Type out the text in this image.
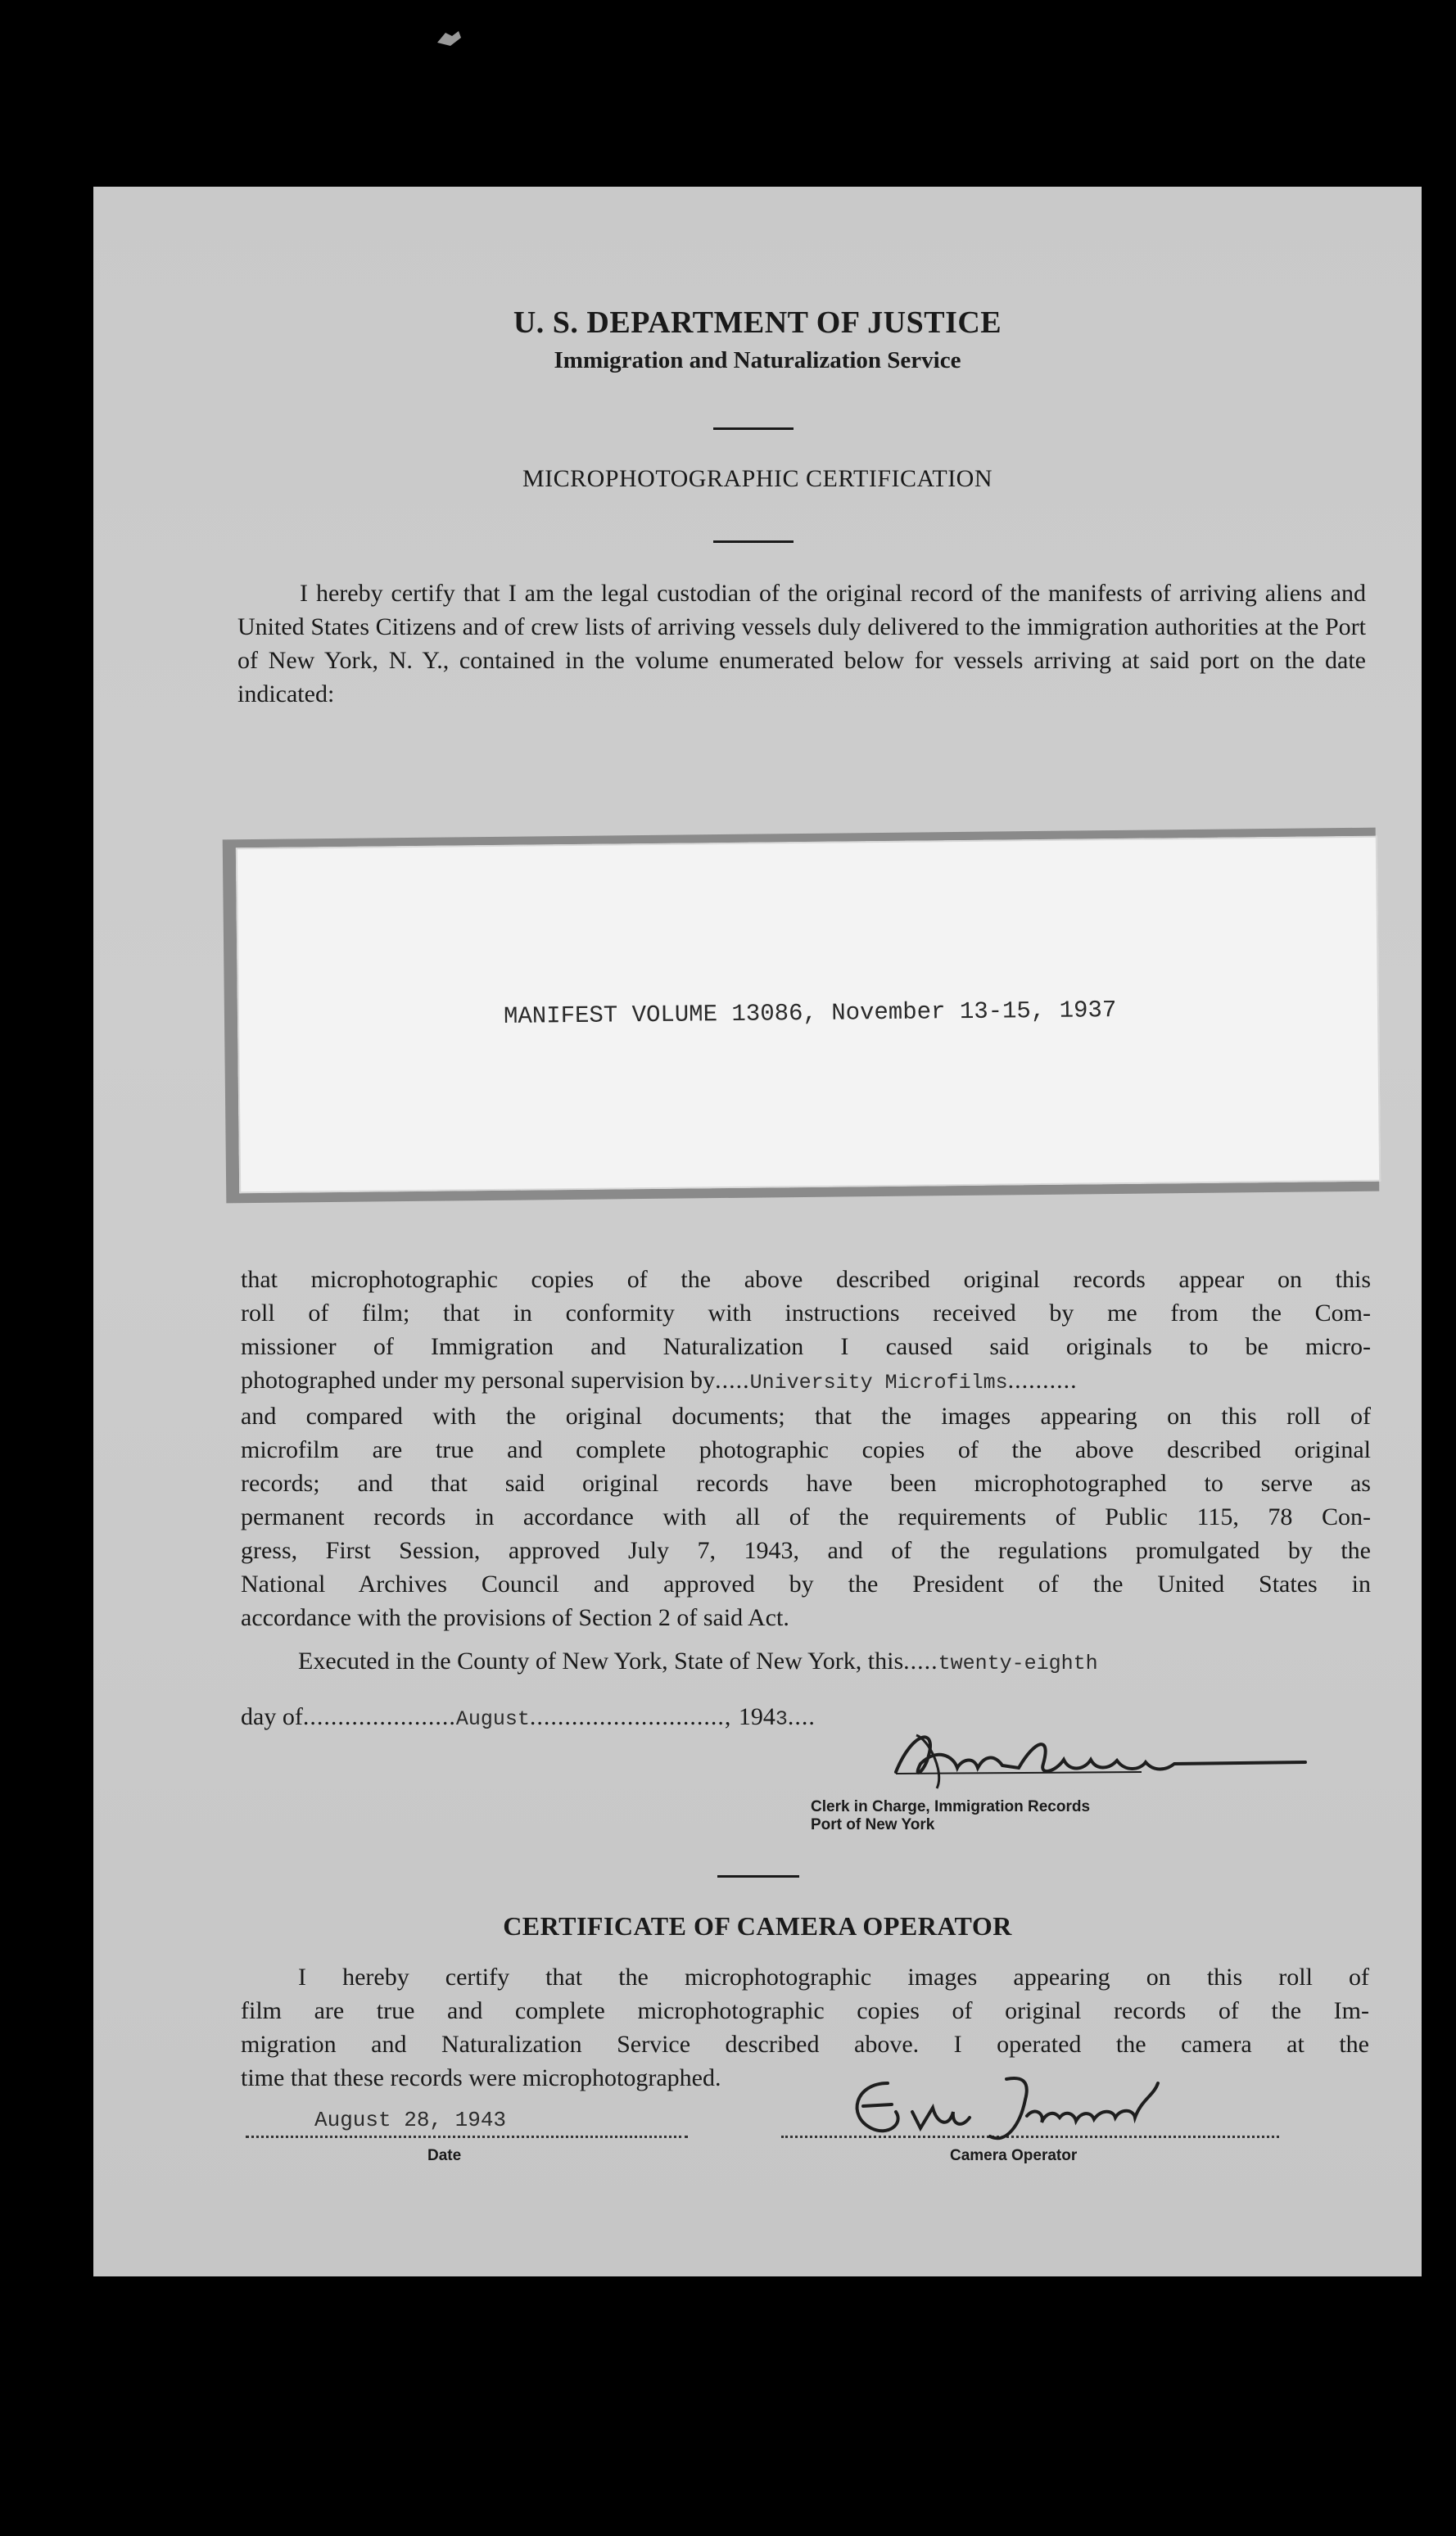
U. S. DEPARTMENT OF JUSTICE
Immigration and Naturalization Service
MICROPHOTOGRAPHIC CERTIFICATION
I hereby certify that I am the legal custodian of the original record of the manifests of arriving aliens and United States Citizens and of crew lists of arriving vessels duly delivered to the immigration authorities at the Port of New York, N. Y., contained in the volume enumerated below for vessels arriving at said port on the date indicated:
MANIFEST VOLUME 13086, November 13-15, 1937
that microphotographic copies of the above described original records appear on this
roll of film; that in conformity with instructions received by me from the Com-
missioner of Immigration and Naturalization I caused said originals to be micro-
photographed under my personal supervision by.....University Microfilms..........
and compared with the original documents; that the images appearing on this roll of
microfilm are true and complete photographic copies of the above described original
records; and that said original records have been microphotographed to serve as
permanent records in accordance with all of the requirements of Public 115, 78 Con-
gress, First Session, approved July 7, 1943, and of the regulations promulgated by the
National Archives Council and approved by the President of the United States in
accordance with the provisions of Section 2 of said Act.
Executed in the County of New York, State of New York, this.....twenty-eighth
day of......................August............................, 1943....	Geo. Bacon
Clerk in Charge, Immigration Records
Port of New York
CERTIFICATE OF CAMERA OPERATOR
I hereby certify that the microphotographic images appearing on this roll of
film are true and complete microphotographic copies of original records of the Im-
migration and Naturalization Service described above. I operated the camera at the
time that these records were microphotographed.
August 28, 1943
Date
Eva Jackson
Camera Operator
